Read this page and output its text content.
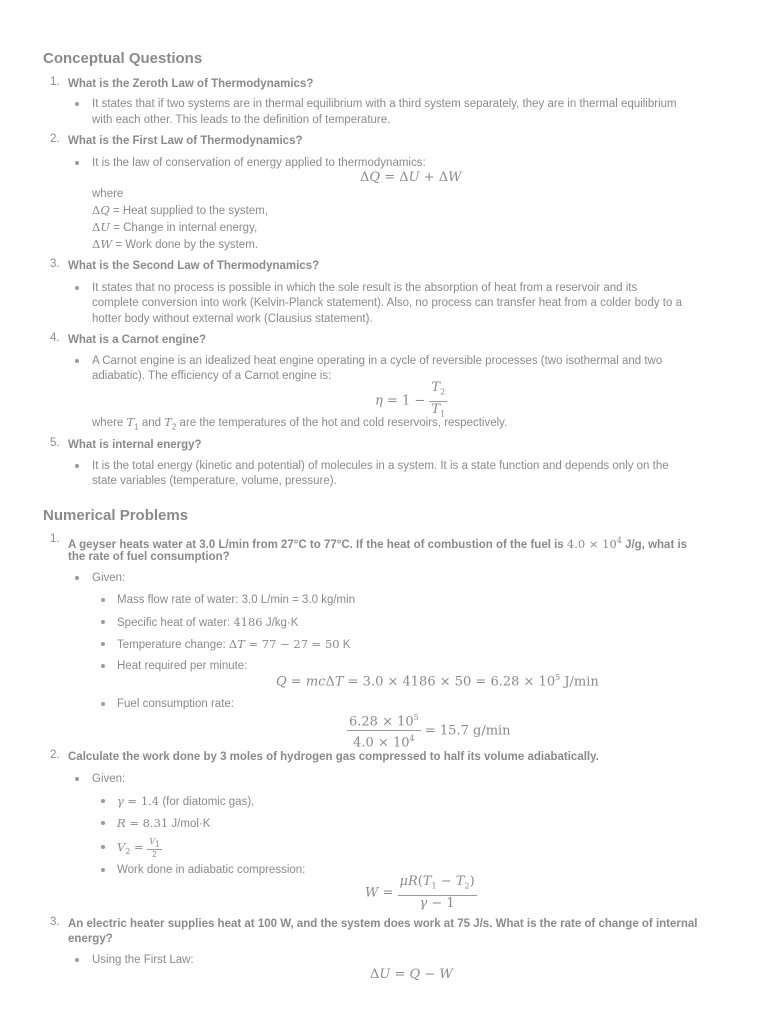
Conceptual Questions
1. What is the Zeroth Law of Thermodynamics?
It states that if two systems are in thermal equilibrium with a third system separately, they are in thermal equilibrium
with each other. This leads to the definition of temperature.
2. What is the First Law of Thermodynamics?
It is the law of conservation of energy applied to thermodynamics:
ΔQ = ΔU + ΔW
where
ΔQ = Heat supplied to the system,
ΔU = Change in internal energy,
ΔW = Work done by the system.
3. What is the Second Law of Thermodynamics?
It states that no process is possible in which the sole result is the absorption of heat from a reservoir and its
complete conversion into work (Kelvin-Planck statement). Also, no process can transfer heat from a colder body to a
hotter body without external work (Clausius statement).
4. What is a Carnot engine?
A Carnot engine is an idealized heat engine operating in a cycle of reversible processes (two isothermal and two
adiabatic). The efficiency of a Carnot engine is:
$\eta = 1 - \frac{T_2}{T_1}$
where $T_1$ and $T_2$ are the temperatures of the hot and cold reservoirs, respectively.
5. What is internal energy?
It is the total energy (kinetic and potential) of molecules in a system. It is a state function and depends only on the
state variables (temperature, volume, pressure).
Numerical Problems
1. A geyser heats water at 3.0 L/min from 27°C to 77°C. If the heat of combustion of the fuel is $4.0 \times 10^4$ J/g, what is
the rate of fuel consumption?
Given:
Mass flow rate of water: 3.0 L/min = 3.0 kg/min
Specific heat of water: 4186 J/kg·K
Temperature change: ΔT = 77 − 27 = 50 K
Heat required per minute:
$Q = mc\Delta T = 3.0 \times 4186 \times 50 = 6.28 \times 10^5$ J/min
Fuel consumption rate:
$\frac{6.28 \times 10^5}{4.0 \times 10^4} = 15.7$ g/min
2. Calculate the work done by 3 moles of hydrogen gas compressed to half its volume adiabatically.
Given:
γ = 1.4 (for diatomic gas),
R = 8.31 J/mol·K
$V_2 = \frac{V_1}{2}$
Work done in adiabatic compression:
$W = \frac{\mu R(T_1 - T_2)}{\gamma - 1}$
3. An electric heater supplies heat at 100 W, and the system does work at 75 J/s. What is the rate of change of internal
energy?
Using the First Law:
ΔU = Q − W
